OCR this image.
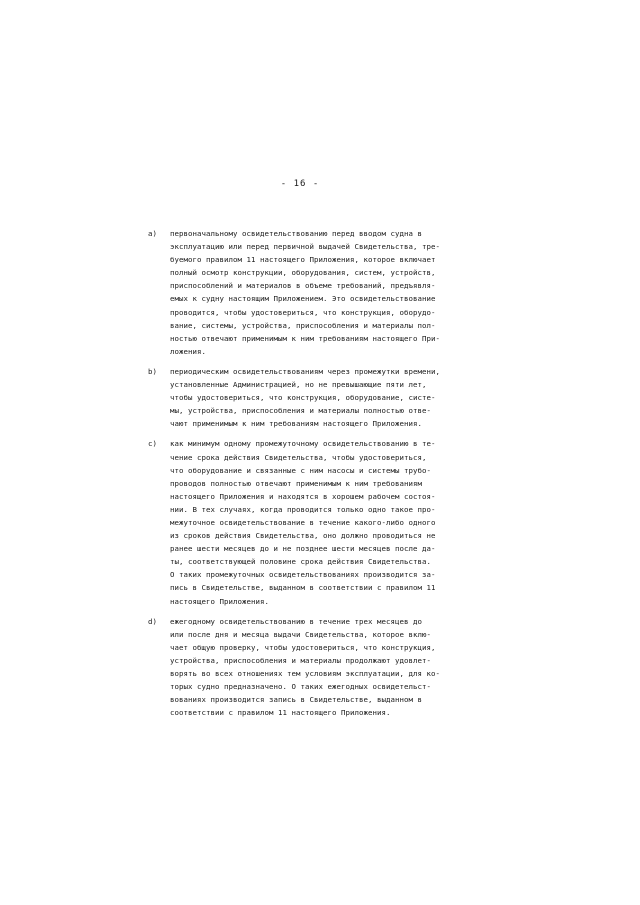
- 16 -
a) первоначальному освидетельствованию перед вводом судна в
эксплуатацию или перед первичной выдачей Свидетельства, тре-
буемого правилом 11 настоящего Приложения, которое включает
полный осмотр конструкции, оборудования, систем, устройств,
приспособлений и материалов в объеме требований, предъявля-
емых к судну настоящим Приложением. Это освидетельствование
проводится, чтобы удостовериться, что конструкция, оборудо-
вание, системы, устройства, приспособления и материалы пол-
ностью отвечают применимым к ним требованиям настоящего При-
ложения.
b) периодическим освидетельствованиям через промежутки времени,
установленные Администрацией, но не превышающие пяти лет,
чтобы удостовериться, что конструкция, оборудование, систе-
мы, устройства, приспособления и материалы полностью отве-
чают применимым к ним требованиям настоящего Приложения.
c) как минимум одному промежуточному освидетельствованию в те-
чение срока действия Свидетельства, чтобы удостовериться,
что оборудование и связанные с ним насосы и системы трубо-
проводов полностью отвечают применимым к ним требованиям
настоящего Приложения и находятся в хорошем рабочем состоя-
нии. В тех случаях, когда проводится только одно такое про-
межуточное освидетельствование в течение какого-либо одного
из сроков действия Свидетельства, оно должно проводиться не
ранее шести месяцев до и не позднее шести месяцев после да-
ты, соответствующей половине срока действия Свидетельства.
О таких промежуточных освидетельствованиях производится за-
пись в Свидетельстве, выданном в соответствии с правилом 11
настоящего Приложения.
d) ежегодному освидетельствованию в течение трех месяцев до
или после дня и месяца выдачи Свидетельства, которое вклю-
чает общую проверку, чтобы удостовериться, что конструкция,
устройства, приспособления и материалы продолжают удовлет-
ворять во всех отношениях тем условиям эксплуатации, для ко-
торых судно предназначено. О таких ежегодных освидетельст-
вованиях производится запись в Свидетельстве, выданном в
соответствии с правилом 11 настоящего Приложения.
